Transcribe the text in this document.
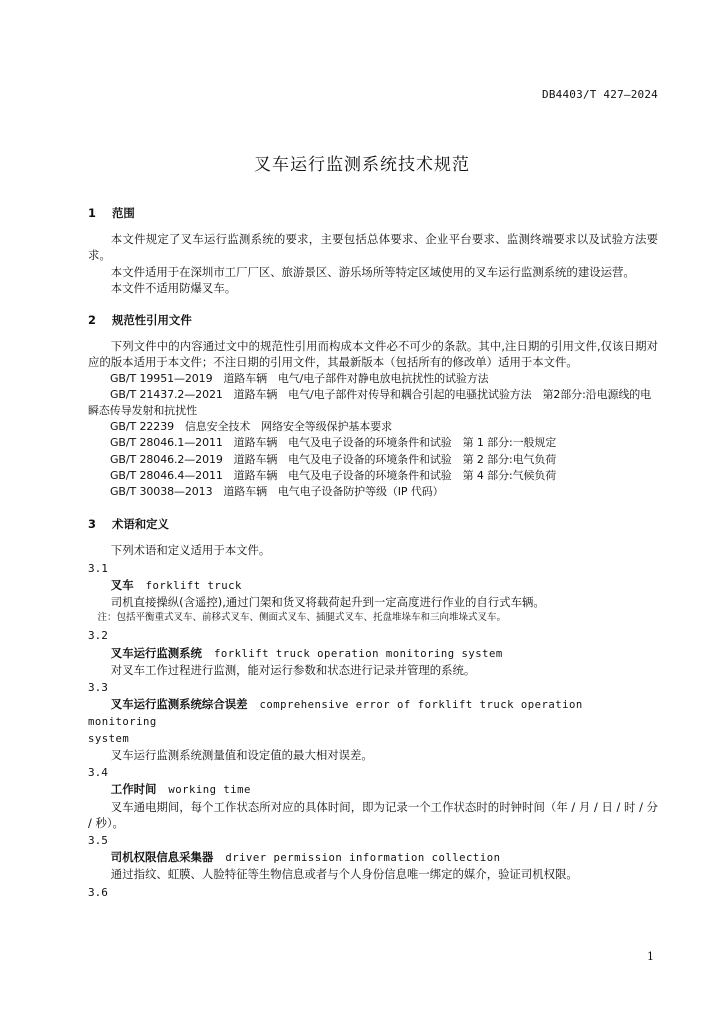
DB4403/T 427—2024
叉车运行监测系统技术规范
1 范围

本文件规定了叉车运行监测系统的要求，主要包括总体要求、企业平台要求、监测终端要求以及试验方法要求。

本文件适用于在深圳市工厂厂区、旅游景区、游乐场所等特定区域使用的叉车运行监测系统的建设运营。

本文件不适用防爆叉车。

2 规范性引用文件

下列文件中的内容通过文中的规范性引用而构成本文件必不可少的条款。其中,注日期的引用文件,仅该日期对应的版本适用于本文件；不注日期的引用文件，其最新版本（包括所有的修改单）适用于本文件。

GB/T 19951—2019　道路车辆　电气/电子部件对静电放电抗扰性的试验方法

GB/T 21437.2—2021　道路车辆　电气/电子部件对传导和耦合引起的电骚扰试验方法　第2部分:沿电源线的电瞬态传导发射和抗扰性

GB/T 22239　信息安全技术　网络安全等级保护基本要求

GB/T 28046.1—2011　道路车辆　电气及电子设备的环境条件和试验　第 1 部分:一般规定

GB/T 28046.2—2019　道路车辆　电气及电子设备的环境条件和试验　第 2 部分:电气负荷

GB/T 28046.4—2011　道路车辆　电气及电子设备的环境条件和试验　第 4 部分:气候负荷

GB/T 30038—2013　道路车辆　电气电子设备防护等级（IP 代码）

3 术语和定义

下列术语和定义适用于本文件。

3.1

叉车 forklift truck

司机直接操纵(含遥控),通过门架和货叉将载荷起升到一定高度进行作业的自行式车辆。

注：包括平衡重式叉车、前移式叉车、侧面式叉车、插腿式叉车、托盘堆垛车和三向堆垛式叉车。

3.2

叉车运行监测系统 forklift truck operation monitoring system

对叉车工作过程进行监测，能对运行参数和状态进行记录并管理的系统。

3.3

叉车运行监测系统综合误差 comprehensive error of forklift truck operation monitoring

system

叉车运行监测系统测量值和设定值的最大相对误差。

3.4

工作时间 working time

叉车通电期间，每个工作状态所对应的具体时间，即为记录一个工作状态时的时钟时间（年 / 月 / 日 / 时 / 分 / 秒）。

3.5

司机权限信息采集器 driver permission information collection

通过指纹、虹膜、人脸特征等生物信息或者与个人身份信息唯一绑定的媒介，验证司机权限。

3.6
1
